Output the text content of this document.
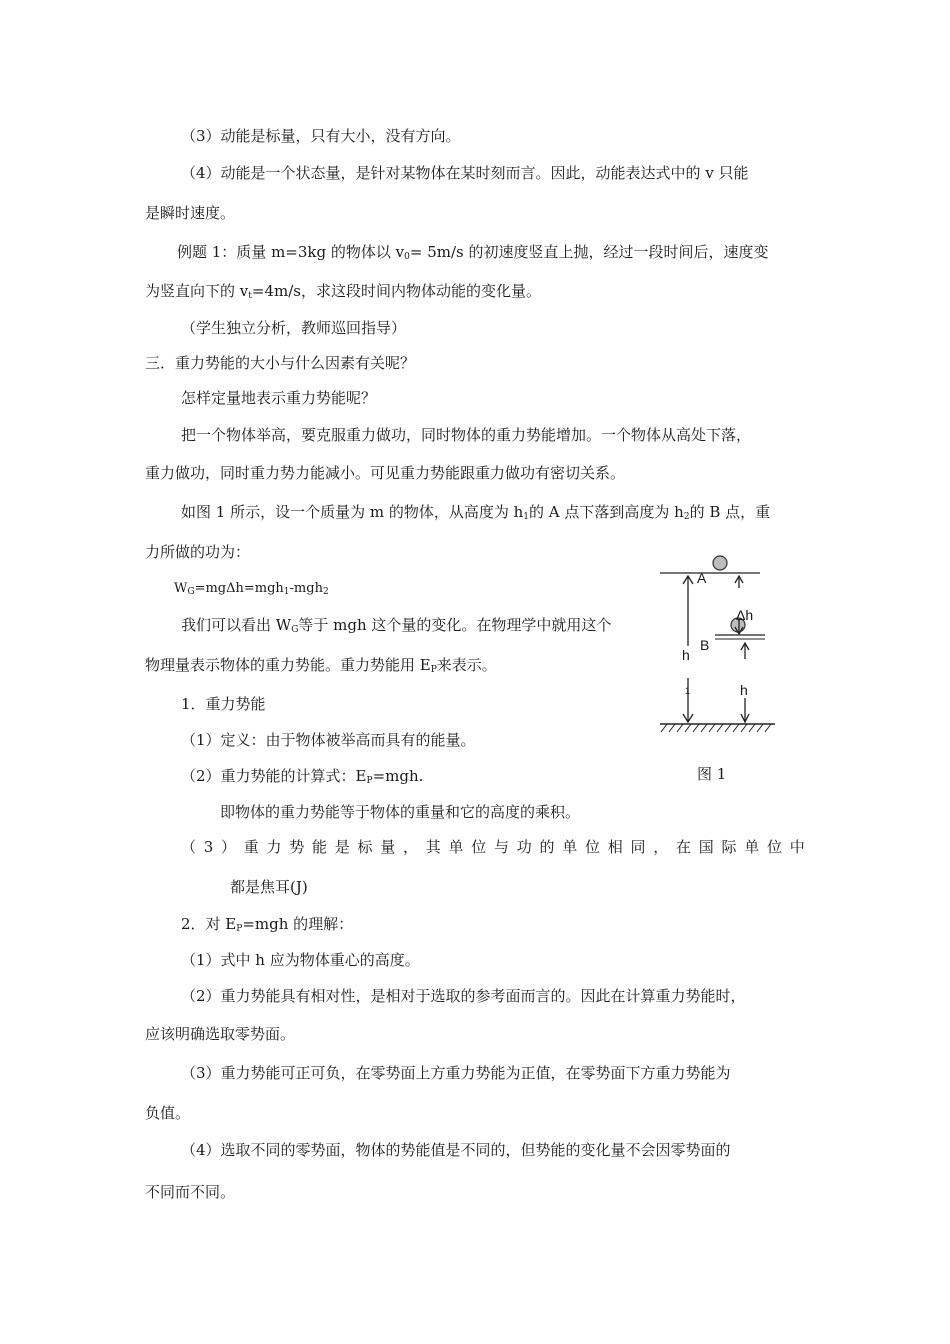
（3）动能是标量，只有大小，没有方向。
（4）动能是一个状态量，是针对某物体在某时刻而言。因此，动能表达式中的 v 只能
是瞬时速度。
例题 1：质量 m=3kg 的物体以 $v_0= 5m/s$ 的初速度竖直上抛，经过一段时间后，速度变
为竖直向下的 $v_t=4m/s$，求这段时间内物体动能的变化量。
（学生独立分析，教师巡回指导）
三．重力势能的大小与什么因素有关呢？
怎样定量地表示重力势能呢？
把一个物体举高，要克服重力做功，同时物体的重力势能增加。一个物体从高处下落，
重力做功，同时重力势力能减小。可见重力势能跟重力做功有密切关系。
如图 1 所示，设一个质量为 m 的物体，从高度为 $h_1$的 A 点下落到高度为 $h_2$的 B 点，重
力所做的功为：
$W_G=mg\Delta h=mgh_1-mgh_2$
我们可以看出 $W_G$等于 mgh 这个量的变化。在物理学中就用这个
物理量表示物体的重力势能。重力势能用 $E_P$来表示。
1．重力势能
（1）定义：由于物体被举高而具有的能量。
（2）重力势能的计算式：$E_P=mgh$.
即物体的重力势能等于物体的重量和它的高度的乘积。
（ 3 ） 重 力 势 能 是 标 量 ， 其 单 位 与 功 的 单 位 相 同 ， 在 国 际 单 位 中
都是焦耳(J)
2．对 $E_P=mgh$ 的理解：
（1）式中 h 应为物体重心的高度。
（2）重力势能具有相对性，是相对于选取的参考面而言的。因此在计算重力势能时，
应该明确选取零势面。
（3）重力势能可正可负，在零势面上方重力势能为正值，在零势面下方重力势能为
负值。
（4）选取不同的零势面，物体的势能值是不同的，但势能的变化量不会因零势面的
不同而不同。
A
B
Δh
h
1	h
图 1
